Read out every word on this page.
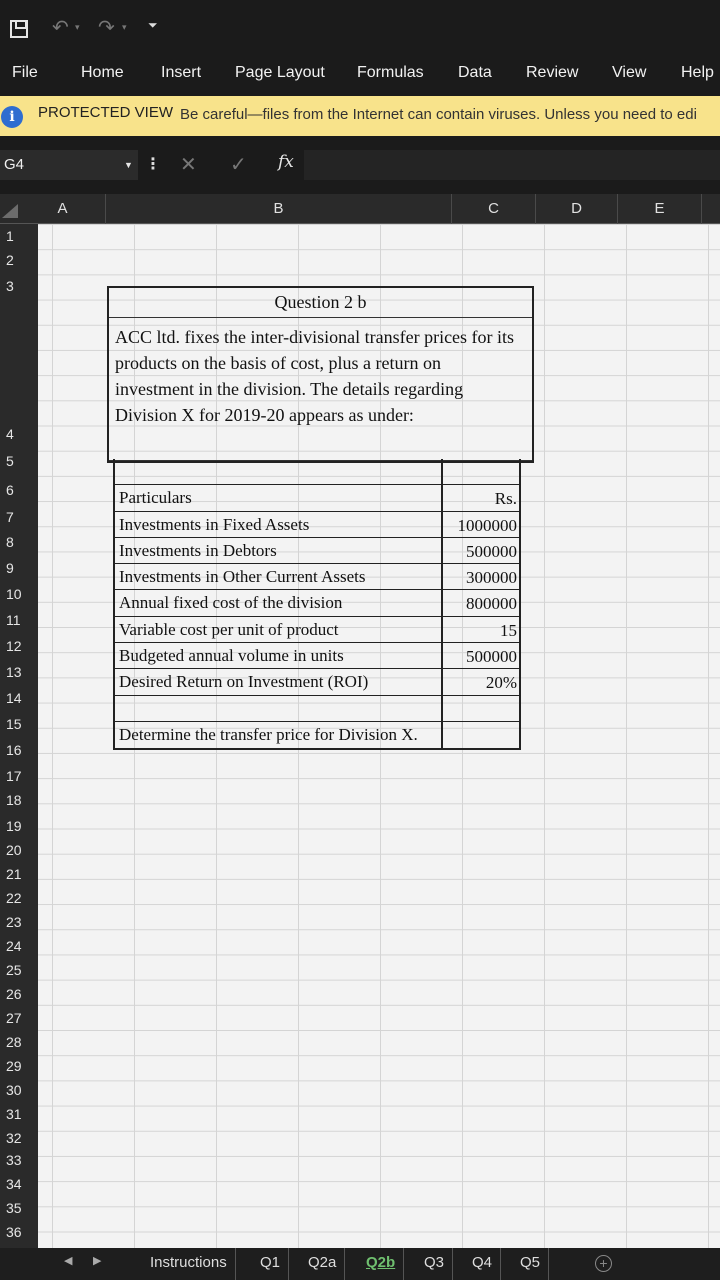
↶ ▾ ↷ ▾ ⏷
File	Home Insert Page Layout Formulas Data Review View Help
i	PROTECTED VIEW Be careful—files from the Internet can contain viruses. Unless you need to edi
G4	▼ ⋮ ✕ ✓ fx
A	B	C	D	E
1
2
3
4
5
6
7
8
9
10
11
12
13
14
15
16
17
18
19
20
21
22
23
24
25
26
27
28
29
30
31
32
33
34
35
36
Question 2 b
ACC ltd. fixes the inter-divisional transfer prices for its products on the basis of cost, plus a return on investment in the division. The details regarding Division X for 2019-20 appears as under:
Particulars	Rs.
Investments in Fixed Assets	1000000
Investments in Debtors	500000
Investments in Other Current Assets	300000
Annual fixed cost of the division	800000
Variable cost per unit of product	15
Budgeted annual volume in units	500000
Desired Return on Investment (ROI)	20%
Determine the transfer price for Division X.
◀ ▶	Instructions	Q1	Q2a	Q2b	Q3	Q4	Q5	+
